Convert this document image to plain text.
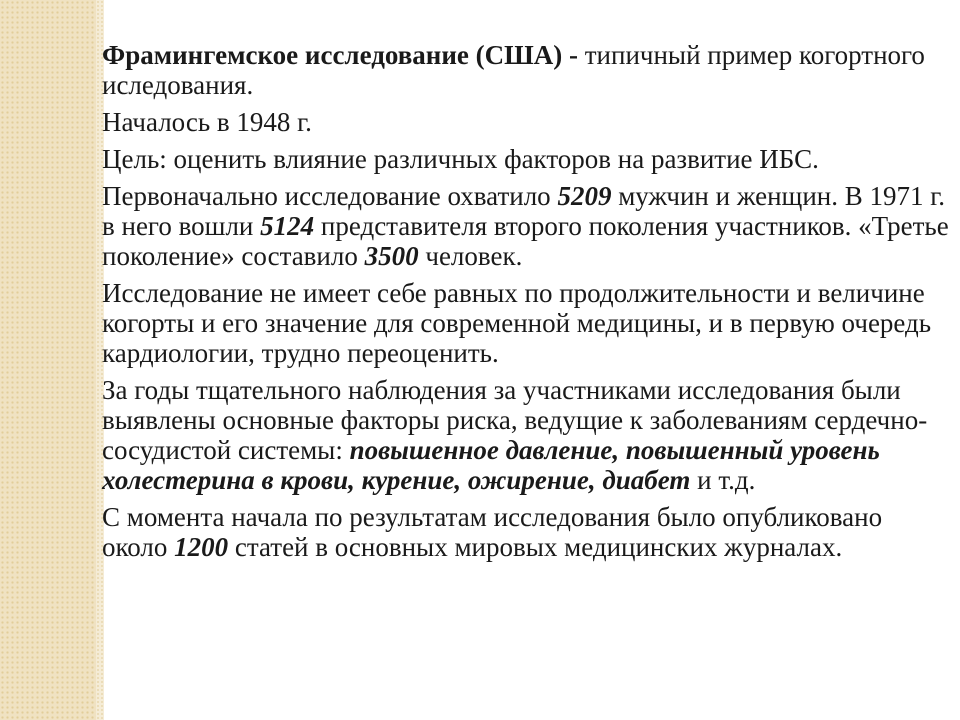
Фрамингемское исследование (США) - типичный пример когортного иследования.

Началось в 1948 г.

Цель: оценить влияние различных факторов на развитие ИБС.

Первоначально исследование охватило 5209 мужчин и женщин. В 1971 г. в него вошли 5124 представителя второго поколения участников. «Третье поколение» составило 3500 человек.

Исследование не имеет себе равных по продолжительности и величине когорты и его значение для современной медицины, и в первую очередь кардиологии, трудно переоценить.

За годы тщательного наблюдения за участниками исследования были выявлены основные факторы риска, ведущие к заболеваниям сердечно-сосудистой системы: повышенное давление, повышенный уровень холестерина в крови, курение, ожирение, диабет и т.д.

С момента начала по результатам исследования было опубликовано около 1200 статей в основных мировых медицинских журналах.
